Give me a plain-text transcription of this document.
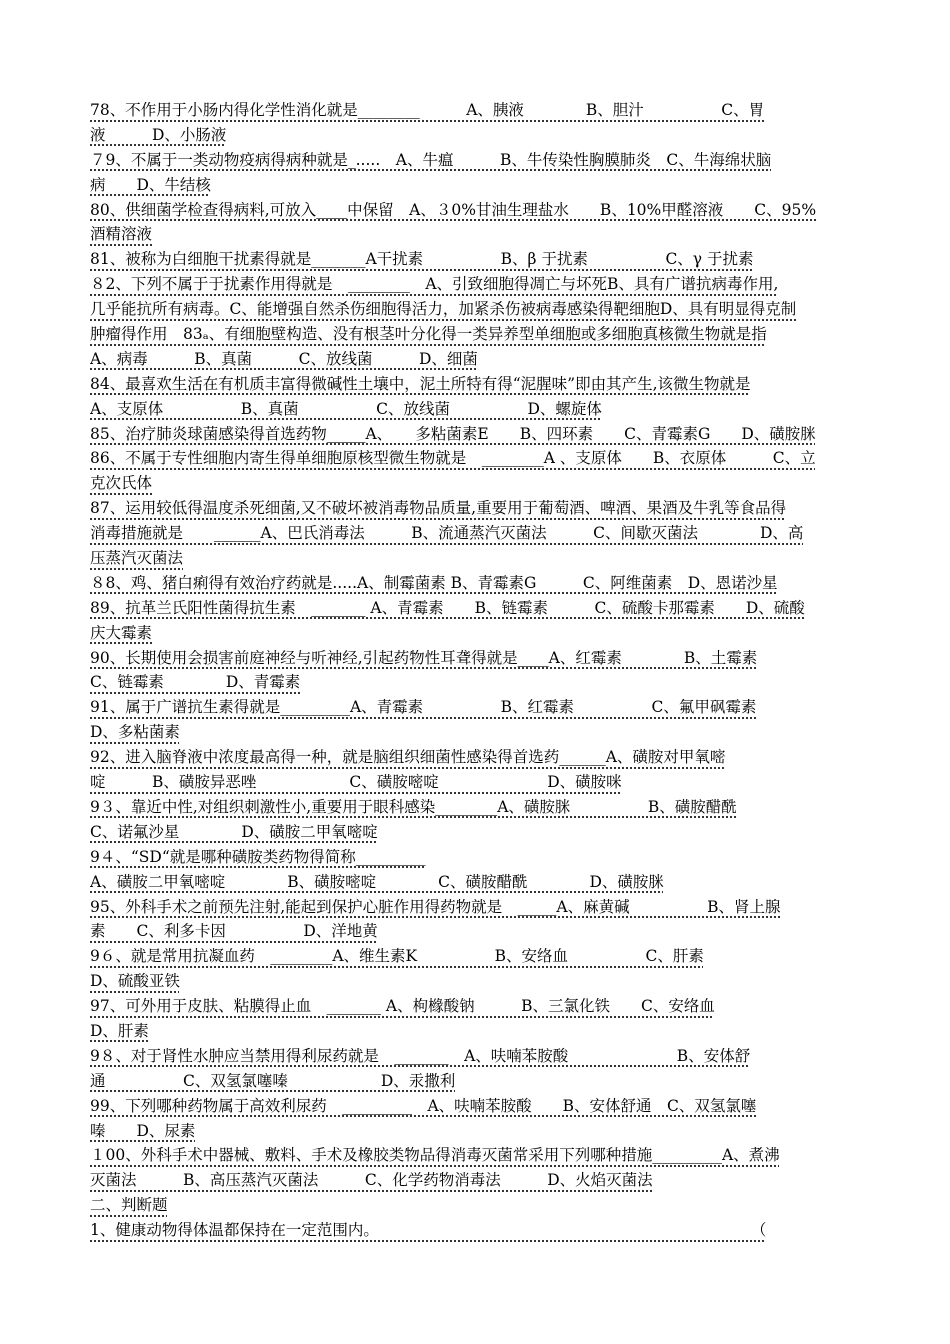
78、不作用于小肠内得化学性消化就是________　　　A、胰液　　　　B、胆汁　　　　　C、胃
液　　　D、小肠液
７9、不属于一类动物疫病得病种就是_.....　A、牛瘟　　　B、牛传染性胸膜肺炎　C、牛海绵状脑
病　　D、牛结核
80、供细菌学检查得病料,可放入____中保留　A、３0%甘油生理盐水　　B、10%甲醛溶液　　C、95%
酒精溶液
81、被称为白细胞干扰素得就是_______A干扰素　　　　　B、β 于扰素　　　　　C、γ 于扰素
８2、下列不属于于扰素作用得就是　________　A、引致细胞得凋亡与坏死B、具有广谱抗病毒作用,
几乎能抗所有病毒。C、能增强自然杀伤细胞得活力，加紧杀伤被病毒感染得靶细胞D、具有明显得克制
肿瘤得作用　83ₐ、有细胞壁构造、没有根茎叶分化得一类异养型单细胞或多细胞真核微生物就是指
A、病毒　　　B、真菌　　　C、放线菌　　　D、细菌
84、最喜欢生活在有机质丰富得微碱性土壤中，泥土所特有得“泥腥味”即由其产生,该微生物就是
A、支原体　　　　　B、真菌　　　　　C、放线菌　　　　　D、螺旋体
85、治疗肺炎球菌感染得首选药物_____A、　　多粘菌素E　　B、四环素　　C、青霉素G　　D、磺胺脒
86、不属于专性细胞内寄生得单细胞原核型微生物就是　________A 、支原体　　B、衣原体　　　C、立
克次氏体
87、运用较低得温度杀死细菌,又不破坏被消毒物品质量,重要用于葡萄酒、啤酒、果酒及牛乳等食品得
消毒措施就是　　______A、巴氏消毒法　　　B、流通蒸汽灭菌法　　　C、间歇灭菌法　　　　D、高
压蒸汽灭菌法
８8、鸡、猪白痢得有效治疗药就是.....A、制霉菌素 B、青霉素G　　　C、阿维菌素　D、恩诺沙星
89、抗革兰氏阳性菌得抗生素　_______ A、青霉素　　B、链霉素　　　C、硫酸卡那霉素　　D、硫酸
庆大霉素
90、长期使用会损害前庭神经与听神经,引起药物性耳聋得就是____A、红霉素　　　　B、土霉素
C、链霉素　　　　D、青霉素
91、属于广谱抗生素得就是_________A、青霉素　　　　　B、红霉素　　　　　C、氟甲砜霉素
D、多粘菌素
92、进入脑脊液中浓度最高得一种，就是脑组织细菌性感染得首选药______A、磺胺对甲氧嘧
啶　　　B、磺胺异恶唑　　　　　　C、磺胺嘧啶　　　　　　　D、磺胺咪
9３、靠近中性,对组织刺激性小,重要用于眼科感染________A、磺胺脒　　　　　B、磺胺醋酰
C、诺氟沙星　　　　D、磺胺二甲氧嘧啶
9４、“SD“就是哪种磺胺类药物得简称_________
A、磺胺二甲氧嘧啶　　　　B、磺胺嘧啶　　　　C、磺胺醋酰　　　　D、磺胺脒
95、外科手术之前预先注射,能起到保护心脏作用得药物就是　_____A、麻黄碱　　　　　B、肾上腺
素　　C、利多卡因　　　　　D、洋地黄
9６、就是常用抗凝血药　________A、维生素K　　　　　B、安络血　　　　　C、肝素
D、硫酸亚铁
97、可外用于皮肤、粘膜得止血　_______ A、枸橼酸钠　　　B、三氯化铁　　C、安络血
D、肝素
9８、对于肾性水肿应当禁用得利尿药就是　_______　A、呋喃苯胺酸　　　　　　　B、安体舒
通　　　　　C、双氢氯噻嗪　　　　　　D、汞撒利
99、下列哪种药物属于高效利尿药　_________　A、呋喃苯胺酸　　B、安体舒通　C、双氢氯噻
嗪　　D、尿素
１00、外科手术中器械、敷料、手术及橡胶类物品得消毒灭菌常采用下列哪种措施_________A、煮沸
灭菌法　　　B、高压蒸汽灭菌法　　　C、化学药物消毒法　　　D、火焰灭菌法
二、判断题
1、健康动物得体温都保持在一定范围内。　　　　　　　　　　　　　　　　　　　　　　　　　（
